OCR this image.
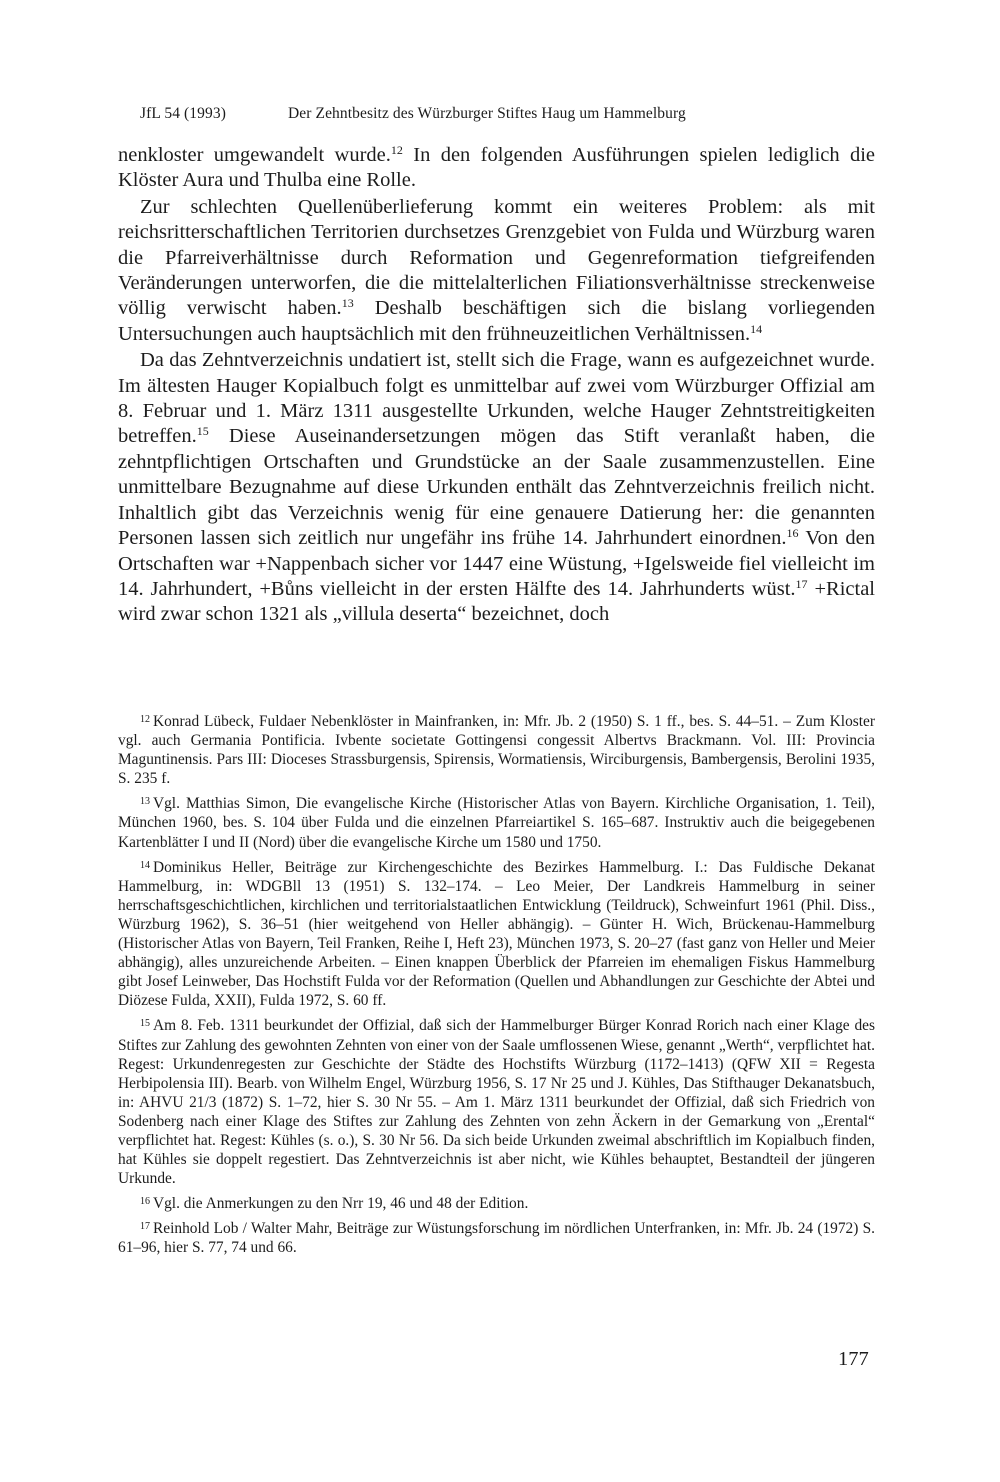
JfL 54 (1993)	Der Zehntbesitz des Würzburger Stiftes Haug um Hammelburg

nenkloster umgewandelt wurde.$^{12}$ In den folgenden Ausführungen spielen lediglich die Klöster Aura und Thulba eine Rolle.

Zur schlechten Quellenüberlieferung kommt ein weiteres Problem: als mit reichsritterschaftlichen Territorien durchsetzes Grenzgebiet von Fulda und Würzburg waren die Pfarreiverhältnisse durch Reformation und Gegenreformation tiefgreifenden Veränderungen unterworfen, die die mittelalterlichen Filiationsverhältnisse streckenweise völlig verwischt haben.$^{13}$ Deshalb beschäftigen sich die bislang vorliegenden Untersuchungen auch hauptsächlich mit den frühneuzeitlichen Verhältnissen.$^{14}$

Da das Zehntverzeichnis undatiert ist, stellt sich die Frage, wann es aufgezeichnet wurde. Im ältesten Hauger Kopialbuch folgt es unmittelbar auf zwei vom Würzburger Offizial am 8. Februar und 1. März 1311 ausgestellte Urkunden, welche Hauger Zehntstreitigkeiten betreffen.$^{15}$ Diese Auseinandersetzungen mögen das Stift veranlaßt haben, die zehntpflichtigen Ortschaften und Grundstücke an der Saale zusammenzustellen. Eine unmittelbare Bezugnahme auf diese Urkunden enthält das Zehntverzeichnis freilich nicht. Inhaltlich gibt das Verzeichnis wenig für eine genauere Datierung her: die genannten Personen lassen sich zeitlich nur ungefähr ins frühe 14. Jahrhundert einordnen.$^{16}$ Von den Ortschaften war +Nappenbach sicher vor 1447 eine Wüstung, +Igelsweide fiel vielleicht im 14. Jahrhundert, +Bůns vielleicht in der ersten Hälfte des 14. Jahrhunderts wüst.$^{17}$ +Rictal wird zwar schon 1321 als „villula deserta“ bezeichnet, doch

$^{12}$ Konrad Lübeck, Fuldaer Nebenklöster in Mainfranken, in: Mfr. Jb. 2 (1950) S. 1 ff., bes. S. 44–51. – Zum Kloster vgl. auch Germania Pontificia. Ivbente societate Gottingensi congessit Albertvs Brackmann. Vol. III: Provincia Maguntinensis. Pars III: Dioceses Strassburgensis, Spirensis, Wormatiensis, Wirciburgensis, Bambergensis, Berolini 1935, S. 235 f.

$^{13}$ Vgl. Matthias Simon, Die evangelische Kirche (Historischer Atlas von Bayern. Kirchliche Organisation, 1. Teil), München 1960, bes. S. 104 über Fulda und die einzelnen Pfarreiartikel S. 165–687. Instruktiv auch die beigegebenen Kartenblätter I und II (Nord) über die evangelische Kirche um 1580 und 1750.

$^{14}$ Dominikus Heller, Beiträge zur Kirchengeschichte des Bezirkes Hammelburg. I.: Das Fuldische Dekanat Hammelburg, in: WDGBll 13 (1951) S. 132–174. – Leo Meier, Der Landkreis Hammelburg in seiner herrschaftsgeschichtlichen, kirchlichen und territorialstaatlichen Entwicklung (Teildruck), Schweinfurt 1961 (Phil. Diss., Würzburg 1962), S. 36–51 (hier weitgehend von Heller abhängig). – Günter H. Wich, Brückenau-Hammelburg (Historischer Atlas von Bayern, Teil Franken, Reihe I, Heft 23), München 1973, S. 20–27 (fast ganz von Heller und Meier abhängig), alles unzureichende Arbeiten. – Einen knappen Überblick der Pfarreien im ehemaligen Fiskus Hammelburg gibt Josef Leinweber, Das Hochstift Fulda vor der Reformation (Quellen und Abhandlungen zur Geschichte der Abtei und Diözese Fulda, XXII), Fulda 1972, S. 60 ff.

$^{15}$ Am 8. Feb. 1311 beurkundet der Offizial, daß sich der Hammelburger Bürger Konrad Rorich nach einer Klage des Stiftes zur Zahlung des gewohnten Zehnten von einer von der Saale umflossenen Wiese, genannt „Werth“, verpflichtet hat. Regest: Urkundenregesten zur Geschichte der Städte des Hochstifts Würzburg (1172–1413) (QFW XII = Regesta Herbipolensia III). Bearb. von Wilhelm Engel, Würzburg 1956, S. 17 Nr 25 und J. Kühles, Das Stifthauger Dekanatsbuch, in: AHVU 21/3 (1872) S. 1–72, hier S. 30 Nr 55. – Am 1. März 1311 beurkundet der Offizial, daß sich Friedrich von Sodenberg nach einer Klage des Stiftes zur Zahlung des Zehnten von zehn Äckern in der Gemarkung von „Erental“ verpflichtet hat. Regest: Kühles (s. o.), S. 30 Nr 56. Da sich beide Urkunden zweimal abschriftlich im Kopialbuch finden, hat Kühles sie doppelt regestiert. Das Zehntverzeichnis ist aber nicht, wie Kühles behauptet, Bestandteil der jüngeren Urkunde.

$^{16}$ Vgl. die Anmerkungen zu den Nrr 19, 46 und 48 der Edition.

$^{17}$ Reinhold Lob / Walter Mahr, Beiträge zur Wüstungsforschung im nördlichen Unterfranken, in: Mfr. Jb. 24 (1972) S. 61–96, hier S. 77, 74 und 66.

177
